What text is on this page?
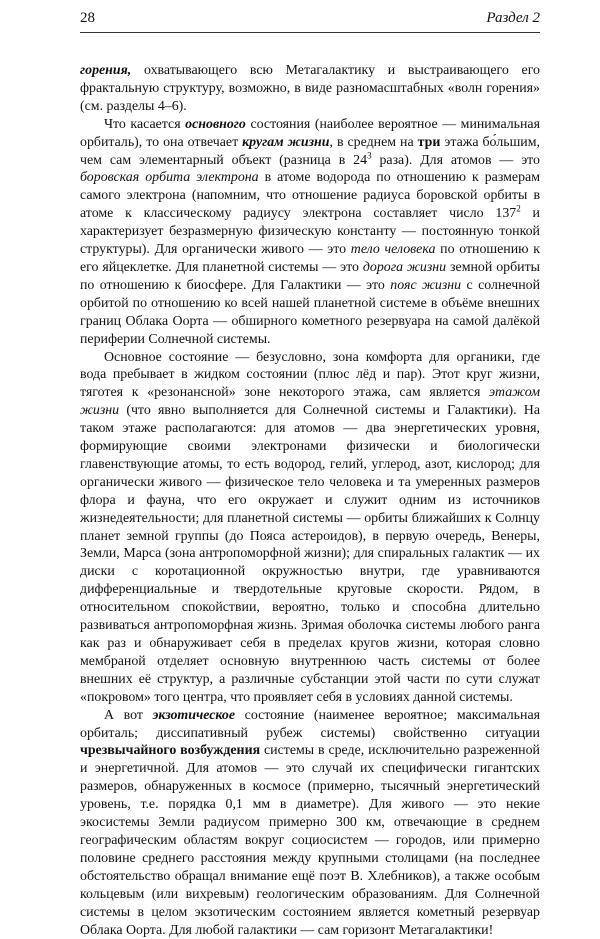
28	Раздел 2

горения, охватывающего всю Метагалактику и выстраивающего его фрактальную структуру, возможно, в виде разномасштабных «волн горения» (см. разделы 4–6).

Что касается основного состояния (наиболее вероятное — минимальная орбиталь), то она отвечает кругам жизни, в среднем на три этажа бо́льшим, чем сам элементарный объект (разница в $24^3$ раза). Для атомов — это боровская орбита электрона в атоме водорода по отношению к размерам самого электрона (напомним, что отношение радиуса боровской орбиты в атоме к классическому радиусу электрона составляет число $137^2$ и характеризует безразмерную физическую константу — постоянную тонкой структуры). Для органически живого — это тело человека по отношению к его яйцеклетке. Для планетной системы — это дорога жизни земной орбиты по отношению к биосфере. Для Галактики — это пояс жизни с солнечной орбитой по отношению ко всей нашей планетной системе в объёме внешних границ Облака Оорта — обширного кометного резервуара на самой далёкой периферии Солнечной системы.

Основное состояние — безусловно, зона комфорта для органики, где вода пребывает в жидком состоянии (плюс лёд и пар). Этот круг жизни, тяготея к «резонансной» зоне некоторого этажа, сам является этажом жизни (что явно выполняется для Солнечной системы и Галактики). На таком этаже располагаются: для атомов — два энергетических уровня, формирующие своими электронами физически и биологически главенствующие атомы, то есть водород, гелий, углерод, азот, кислород; для органически живого — физическое тело человека и та умеренных размеров флора и фауна, что его окружает и служит одним из источников жизнедеятельности; для планетной системы — орбиты ближайших к Солнцу планет земной группы (до Пояса астероидов), в первую очередь, Венеры, Земли, Марса (зона антропоморфной жизни); для спиральных галактик — их диски с коротационной окружностью внутри, где уравниваются дифференциальные и твердотельные круговые скорости. Рядом, в относительном спокойствии, вероятно, только и способна длительно развиваться антропоморфная жизнь. Зримая оболочка системы любого ранга как раз и обнаруживает себя в пределах кругов жизни, которая словно мембраной отделяет основную внутреннюю часть системы от более внешних её структур, а различные субстанции этой части по сути служат «покровом» того центра, что проявляет себя в условиях данной системы.

А вот экзотическое состояние (наименее вероятное; максимальная орбиталь; диссипативный рубеж системы) свойственно ситуации чрезвычайного возбуждения системы в среде, исключительно разреженной и энергетичной. Для атомов — это случай их специфически гигантских размеров, обнаруженных в космосе (примерно, тысячный энергетический уровень, т.е. порядка 0,1 мм в диаметре). Для живого — это некие экосистемы Земли радиусом примерно 300 км, отвечающие в среднем географическим областям вокруг социосистем — городов, или примерно половине среднего расстояния между крупными столицами (на последнее обстоятельство обращал внимание ещё поэт В. Хлебников), а также особым кольцевым (или вихревым) геологическим образованиям. Для Солнечной системы в целом экзотическим состоянием является кометный резервуар Облака Оорта. Для любой галактики — сам горизонт Метагалактики!
